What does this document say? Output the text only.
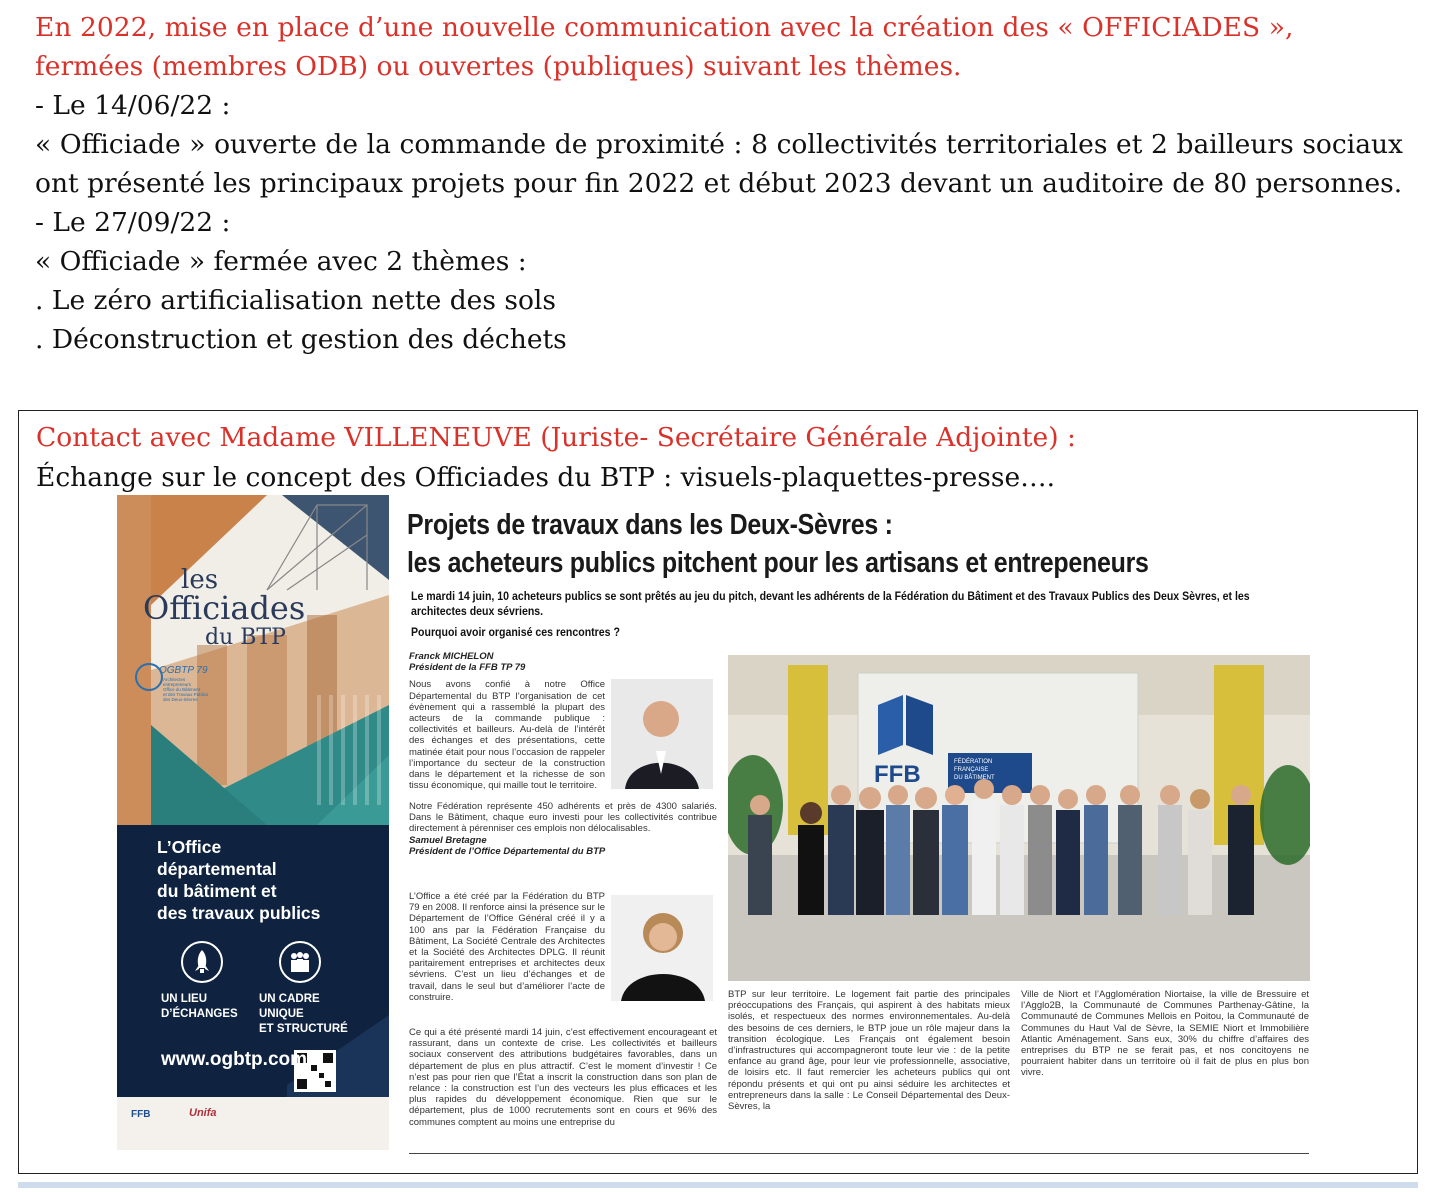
En 2022, mise en place d’une nouvelle communication avec la création des « OFFICIADES »,
fermées (membres ODB) ou ouvertes (publiques) suivant les thèmes.
- Le 14/06/22 :
« Officiade » ouverte de la commande de proximité : 8 collectivités territoriales et 2 bailleurs sociaux ont présenté les principaux projets pour fin 2022 et début 2023 devant un auditoire de 80 personnes.
- Le 27/09/22 :
« Officiade » fermée avec 2 thèmes :
. Le zéro artificialisation nette des sols
. Déconstruction et gestion des déchets
Contact avec Madame VILLENEUVE (Juriste- Secrétaire Générale Adjointe) :
Échange sur le concept des Officiades du BTP : visuels-plaquettes-presse….
les
Officiades
du BTP
OGBTP 79
Architectes
entrepreneurs
Office du Bâtiment
et des Travaux Publics
des Deux-Sèvres
L’Office
départemental
du bâtiment et
des travaux publics
UN LIEU
D’ÉCHANGES
UN CADRE
UNIQUE
ET STRUCTURÉ
www.ogbtp.com
FFB	Unifa
Projets de travaux dans les Deux-Sèvres :
les acheteurs publics pitchent pour les artisans et entrepeneurs
Le mardi 14 juin, 10 acheteurs publics se sont prêtés au jeu du pitch, devant les adhérents de la Fédération du Bâtiment et des Travaux Publics des Deux Sèvres, et les architectes deux sévriens.
Pourquoi avoir organisé ces rencontres ?
Franck MICHELON
Président de la FFB TP 79
Nous avons confié à notre Office Départemental du BTP l’organisation de cet évènement qui a rassemblé la plupart des acteurs de la commande publique : collectivités et bailleurs. Au-delà de l’intérêt des échanges et des présentations, cette matinée était pour nous l’occasion de rappeler l’importance du secteur de la construction dans le département et la richesse de son tissu économique, qui maille tout le territoire.
Notre Fédération représente 450 adhérents et près de 4300 salariés. Dans le Bâtiment, chaque euro investi pour les collectivités contribue directement à pérenniser ces emplois non délocalisables.
Samuel Bretagne
Président de l’Office Départemental du BTP
L’Office a été créé par la Fédération du BTP 79 en 2008. Il renforce ainsi la présence sur le Département de l’Office Général créé il y a 100 ans par la Fédération Française du Bâtiment, La Société Centrale des Architectes et la Société des Architectes DPLG. Il réunit paritairement entreprises et architectes deux sévriens. C’est un lieu d’échanges et de travail, dans le seul but d’améliorer l’acte de construire.
Ce qui a été présenté mardi 14 juin, c’est effectivement encourageant et rassurant, dans un contexte de crise. Les collectivités et bailleurs sociaux conservent des attributions budgétaires favorables, dans un département de plus en plus attractif. C’est le moment d’investir ! Ce n’est pas pour rien que l’État a inscrit la construction dans son plan de relance : la construction est l’un des vecteurs les plus efficaces et les plus rapides du développement économique. Rien que sur le département, plus de 1000 recrutements sont en cours et 96% des communes comptent au moins une entreprise du
FFB	FÉDÉRATION
FRANÇAISE
DU BÂTIMENT
BTP sur leur territoire. Le logement fait partie des principales préoccupations des Français, qui aspirent à des habitats mieux isolés, et respectueux des normes environnementales. Au-delà des besoins de ces derniers, le BTP joue un rôle majeur dans la transition écologique. Les Français ont également besoin d’infrastructures qui accompagneront toute leur vie : de la petite enfance au grand âge, pour leur vie professionnelle, associative, de loisirs etc. Il faut remercier les acheteurs publics qui ont répondu présents et qui ont pu ainsi séduire les architectes et entrepreneurs dans la salle : Le Conseil Départemental des Deux-Sèvres, la
Ville de Niort et l’Agglomération Niortaise, la ville de Bressuire et l’Agglo2B, la Communauté de Communes Parthenay-Gâtine, la Communauté de Communes Mellois en Poitou, la Communauté de Communes du Haut Val de Sèvre, la SEMIE Niort et Immobilière Atlantic Aménagement. Sans eux, 30% du chiffre d’affaires des entreprises du BTP ne se ferait pas, et nos concitoyens ne pourraient habiter dans un territoire où il fait de plus en plus bon vivre.
